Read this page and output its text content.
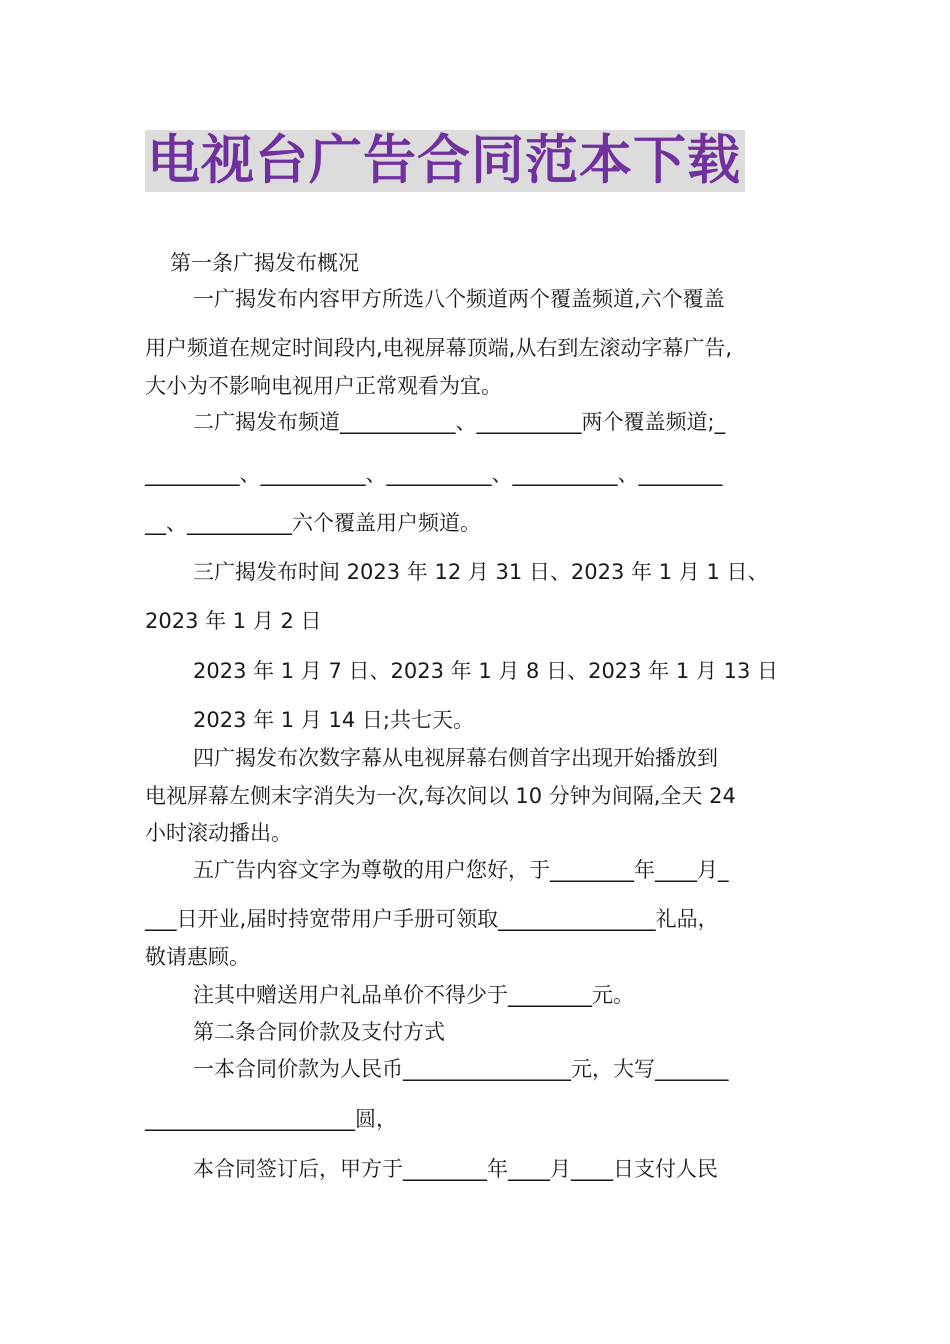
电视台广告合同范本下载
第一条广揭发布概况
一广揭发布内容甲方所选八个频道两个覆盖频道,六个覆盖
用户频道在规定时间段内,电视屏幕顶端,从右到左滚动字幕广告,
大小为不影响电视用户正常观看为宜。
二广揭发布频道___________、__________两个覆盖频道;_
_________、__________、__________、__________、________
__、__________六个覆盖用户频道。
三广揭发布时间 2023 年 12 月 31 日、2023 年 1 月 1 日、
2023 年 1 月 2 日
2023 年 1 月 7 日、2023 年 1 月 8 日、2023 年 1 月 13 日
2023 年 1 月 14 日;共七天。
四广揭发布次数字幕从电视屏幕右侧首字出现开始播放到
电视屏幕左侧末字消失为一次,每次间以 10 分钟为间隔,全天 24
小时滚动播出。
五广告内容文字为尊敬的用户您好，于________年____月_
___日开业,届时持宽带用户手册可领取_______________礼品，
敬请惠顾。
注其中赠送用户礼品单价不得少于________元。
第二条合同价款及支付方式
一本合同价款为人民币________________元，大写_______
____________________圆，
本合同签订后，甲方于________年____月____日支付人民
